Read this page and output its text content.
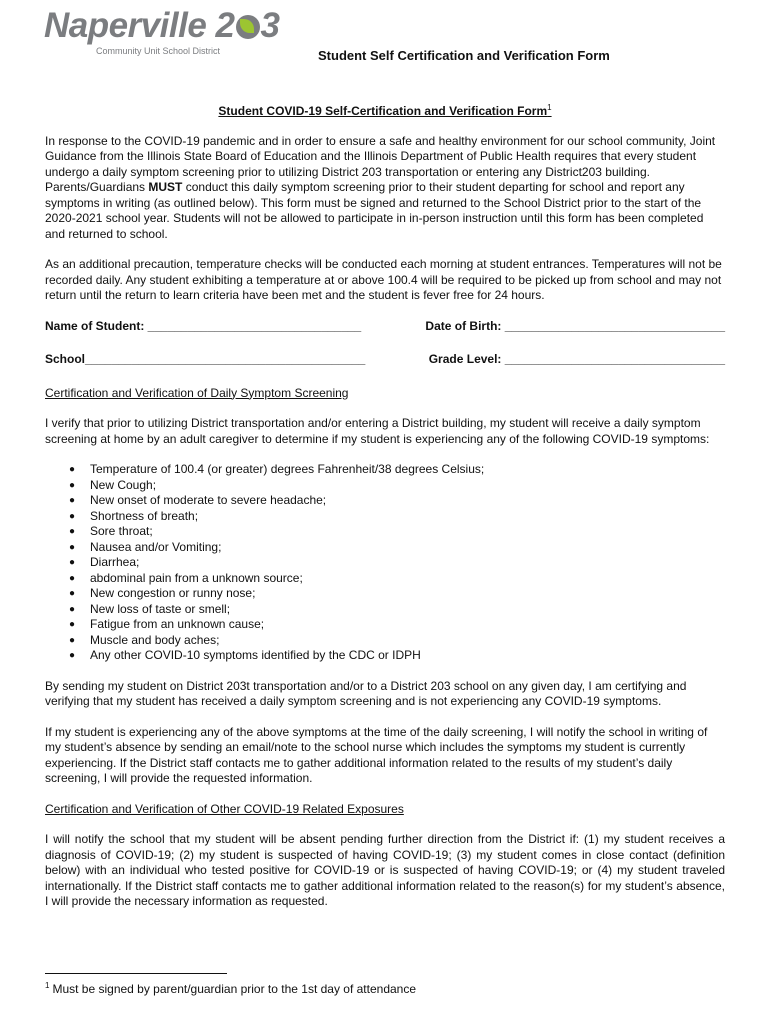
Naperville 2 3
Community Unit School District	Student Self Certification and Verification Form
Student COVID-19 Self-Certification and Verification Form$^1$

In response to the COVID-19 pandemic and in order to ensure a safe and healthy environment for our school community, Joint Guidance from the Illinois State Board of Education and the Illinois Department of Public Health requires that every student undergo a daily symptom screening prior to utilizing District 203 transportation or entering any District203 building. Parents/Guardians MUST conduct this daily symptom screening prior to their student departing for school and report any symptoms in writing (as outlined below). This form must be signed and returned to the School District prior to the start of the 2020-2021 school year. Students will not be allowed to participate in in-person instruction until this form has been completed and returned to school.

As an additional precaution, temperature checks will be conducted each morning at student entrances. Temperatures will not be recorded daily. Any student exhibiting a temperature at or above 100.4 will be required to be picked up from school and may not return until the return to learn criteria have been met and the student is fever free for 24 hours.

Name of Student: ________________________________	Date of Birth: _________________________________
School__________________________________________	Grade Level: _________________________________
Certification and Verification of Daily Symptom Screening

I verify that prior to utilizing District transportation and/or entering a District building, my student will receive a daily symptom screening at home by an adult caregiver to determine if my student is experiencing any of the following COVID-19 symptoms:

● Temperature of 100.4 (or greater) degrees Fahrenheit/38 degrees Celsius;
● New Cough;
● New onset of moderate to severe headache;
● Shortness of breath;
● Sore throat;
● Nausea and/or Vomiting;
● Diarrhea;
● abdominal pain from a unknown source;
● New congestion or runny nose;
● New loss of taste or smell;
● Fatigue from an unknown cause;
● Muscle and body aches;
● Any other COVID-10 symptoms identified by the CDC or IDPH

By sending my student on District 203t transportation and/or to a District 203 school on any given day, I am certifying and verifying that my student has received a daily symptom screening and is not experiencing any COVID-19 symptoms.

If my student is experiencing any of the above symptoms at the time of the daily screening, I will notify the school in writing of my student’s absence by sending an email/note to the school nurse which includes the symptoms my student is currently experiencing. If the District staff contacts me to gather additional information related to the results of my student’s daily screening, I will provide the requested information.

Certification and Verification of Other COVID-19 Related Exposures

I will notify the school that my student will be absent pending further direction from the District if: (1) my student receives a diagnosis of COVID-19; (2) my student is suspected of having COVID-19; (3) my student comes in close contact (definition below) with an individual who tested positive for COVID-19 or is suspected of having COVID-19; or (4) my student traveled internationally. If the District staff contacts me to gather additional information related to the reason(s) for my student’s absence, I will provide the necessary information as requested.

$^1$ Must be signed by parent/guardian prior to the 1st day of attendance
